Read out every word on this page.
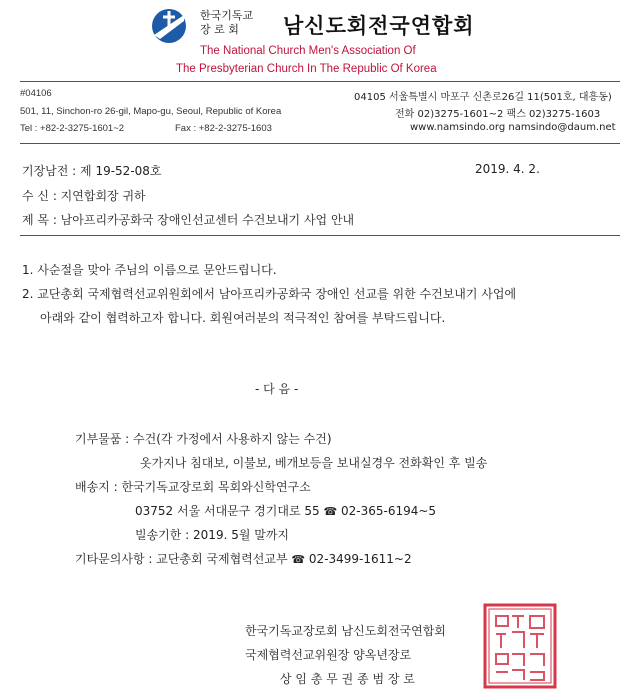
한국기독교
장 로 회	남신도회전국연합회
The National Church Men's Association Of
The Presbyterian Church In The Republic Of Korea
#04106
501, 11, Sinchon-ro 26-gil, Mapo-gu, Seoul, Republic of Korea
Tel : +82-2-3275-1601~2	Fax : +82-2-3275-1603
04105 서울특별시 마포구 신촌로26길 11(501호, 대흥동)
전화 02)3275-1601~2 팩스 02)3275-1603
www.namsindo.org namsindo@daum.net
기장남전 : 제 19-52-08호	2019. 4. 2.
수 신 : 지연합회장 귀하
제 목 : 남아프리카공화국 장애인선교센터 수건보내기 사업 안내
1. 사순절을 맞아 주님의 이름으로 문안드립니다.
2. 교단총회 국제협력선교위원회에서 남아프리카공화국 장애인 선교를 위한 수건보내기 사업에
아래와 같이 협력하고자 합니다. 회원여러분의 적극적인 참여를 부탁드립니다.
- 다 음 -
기부물품 : 수건(각 가정에서 사용하지 않는 수건)
옷가지나 침대보, 이불보, 베개보등을 보내실경우 전화확인 후 빌송
배송지 : 한국기독교장로회 목회와신학연구소
03752 서울 서대문구 경기대로 55 ☎ 02-365-6194~5
빌송기한 : 2019. 5월 말까지
기타문의사항 : 교단총회 국제협력선교부 ☎ 02-3499-1611~2
한국기독교장로회 남신도회전국연합회
국제협력선교위원장 양옥년장로
상 임 총 무 권 종 범 장 로
